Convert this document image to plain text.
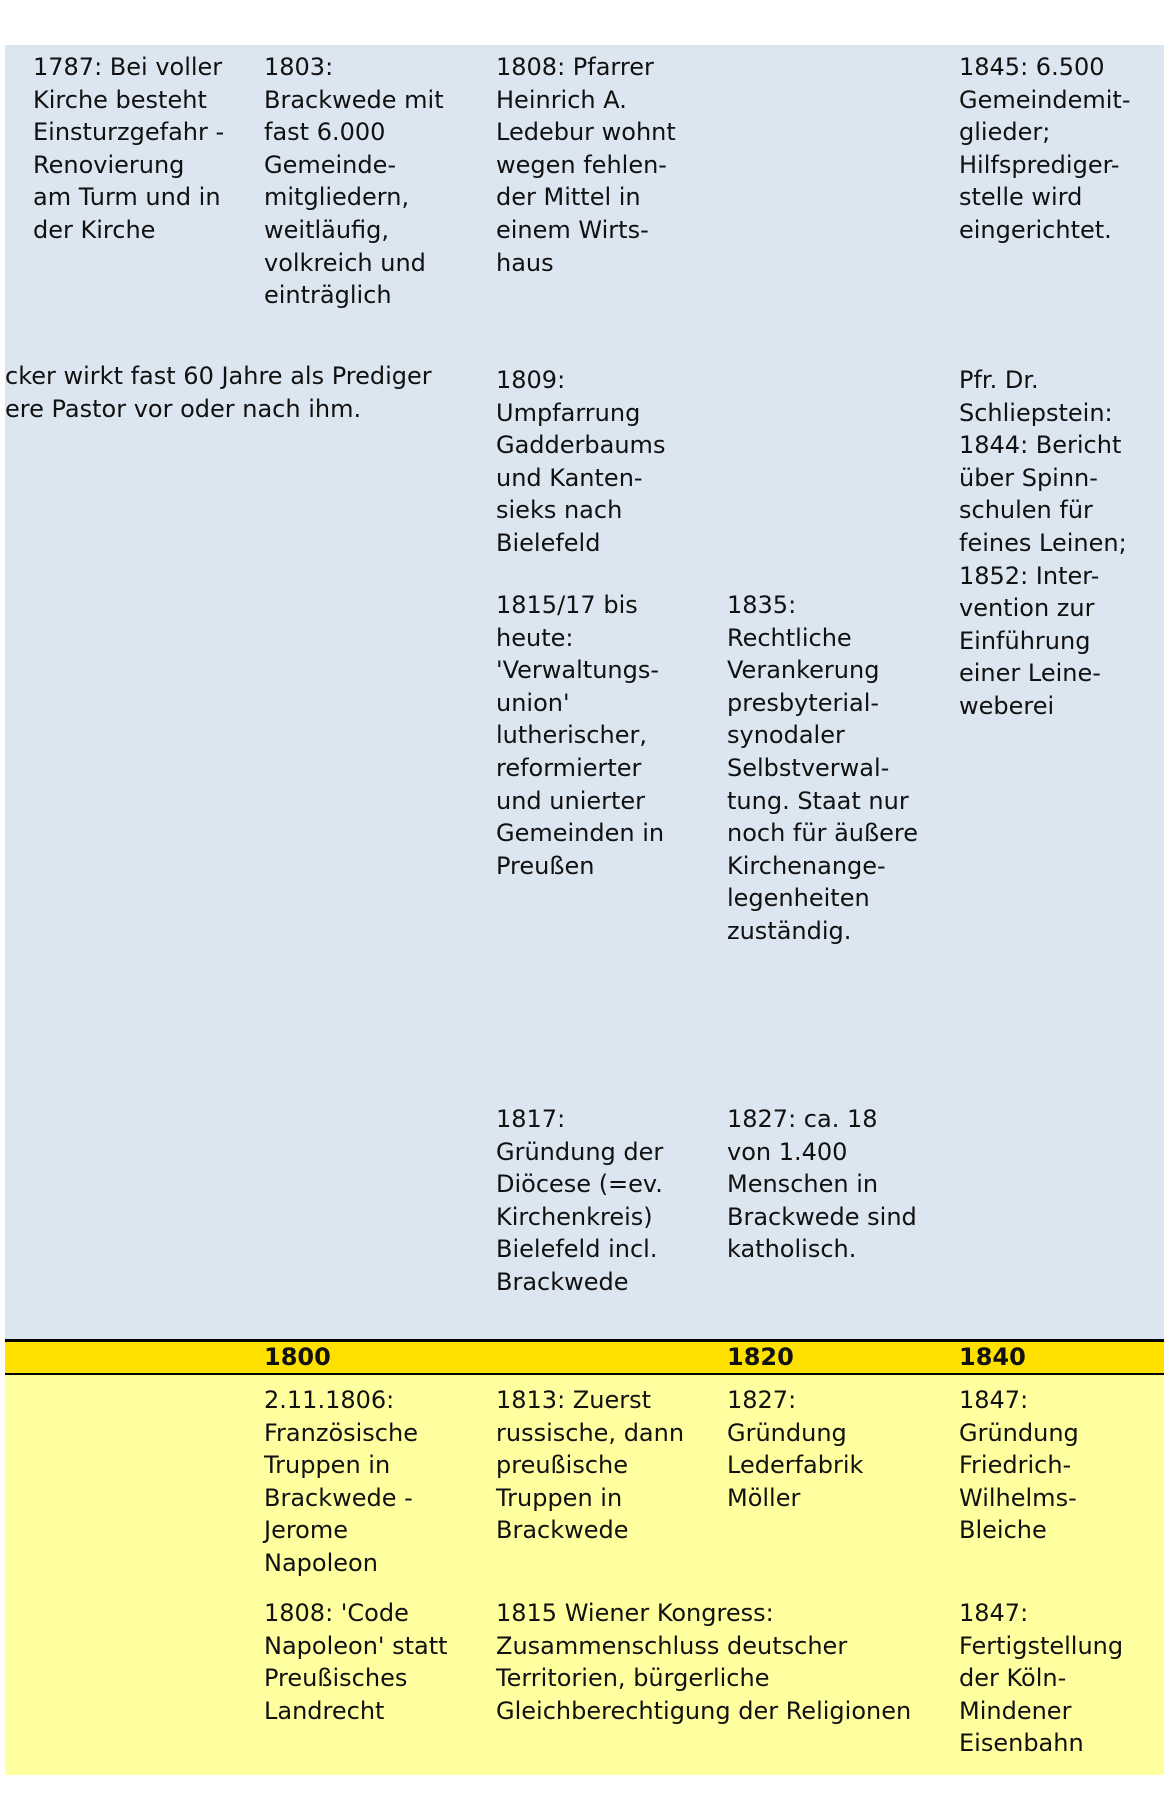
1787: Bei voller
Kirche besteht
Einsturzgefahr -
Renovierung
am Turm und in
der Kirche
1803:
Brackwede mit
fast 6.000
Gemeinde-
mitgliedern,
weitläufig,
volkreich und
einträglich
1808: Pfarrer
Heinrich A.
Ledebur wohnt
wegen fehlen-
der Mittel in
einem Wirts-
haus
1845: 6.500
Gemeindemit-
glieder;
Hilfsprediger-
stelle wird
eingerichtet.
cker wirkt fast 60 Jahre als Prediger
ere Pastor vor oder nach ihm.
1809:
Umpfarrung
Gadderbaums
und Kanten-
sieks nach
Bielefeld
Pfr. Dr.
Schliepstein:
1844: Bericht
über Spinn-
schulen für
feines Leinen;
1852: Inter-
vention zur
Einführung
einer Leine-
weberei
1815/17 bis
heute:
'Verwaltungs-
union'
lutherischer,
reformierter
und unierter
Gemeinden in
Preußen
1835:
Rechtliche
Verankerung
presbyterial-
synodaler
Selbstverwal-
tung. Staat nur
noch für äußere
Kirchenange-
legenheiten
zuständig.
1817:
Gründung der
Diöcese (=ev.
Kirchenkreis)
Bielefeld incl.
Brackwede
1827: ca. 18
von 1.400
Menschen in
Brackwede sind
katholisch.
1800	1820	1840
2.11.1806:
Französische
Truppen in
Brackwede -
Jerome
Napoleon
1813: Zuerst
russische, dann
preußische
Truppen in
Brackwede
1827:
Gründung
Lederfabrik
Möller
1847:
Gründung
Friedrich-
Wilhelms-
Bleiche
1808: 'Code
Napoleon' statt
Preußisches
Landrecht
1815 Wiener Kongress:
Zusammenschluss deutscher
Territorien, bürgerliche
Gleichberechtigung der Religionen
1847:
Fertigstellung
der Köln-
Mindener
Eisenbahn
